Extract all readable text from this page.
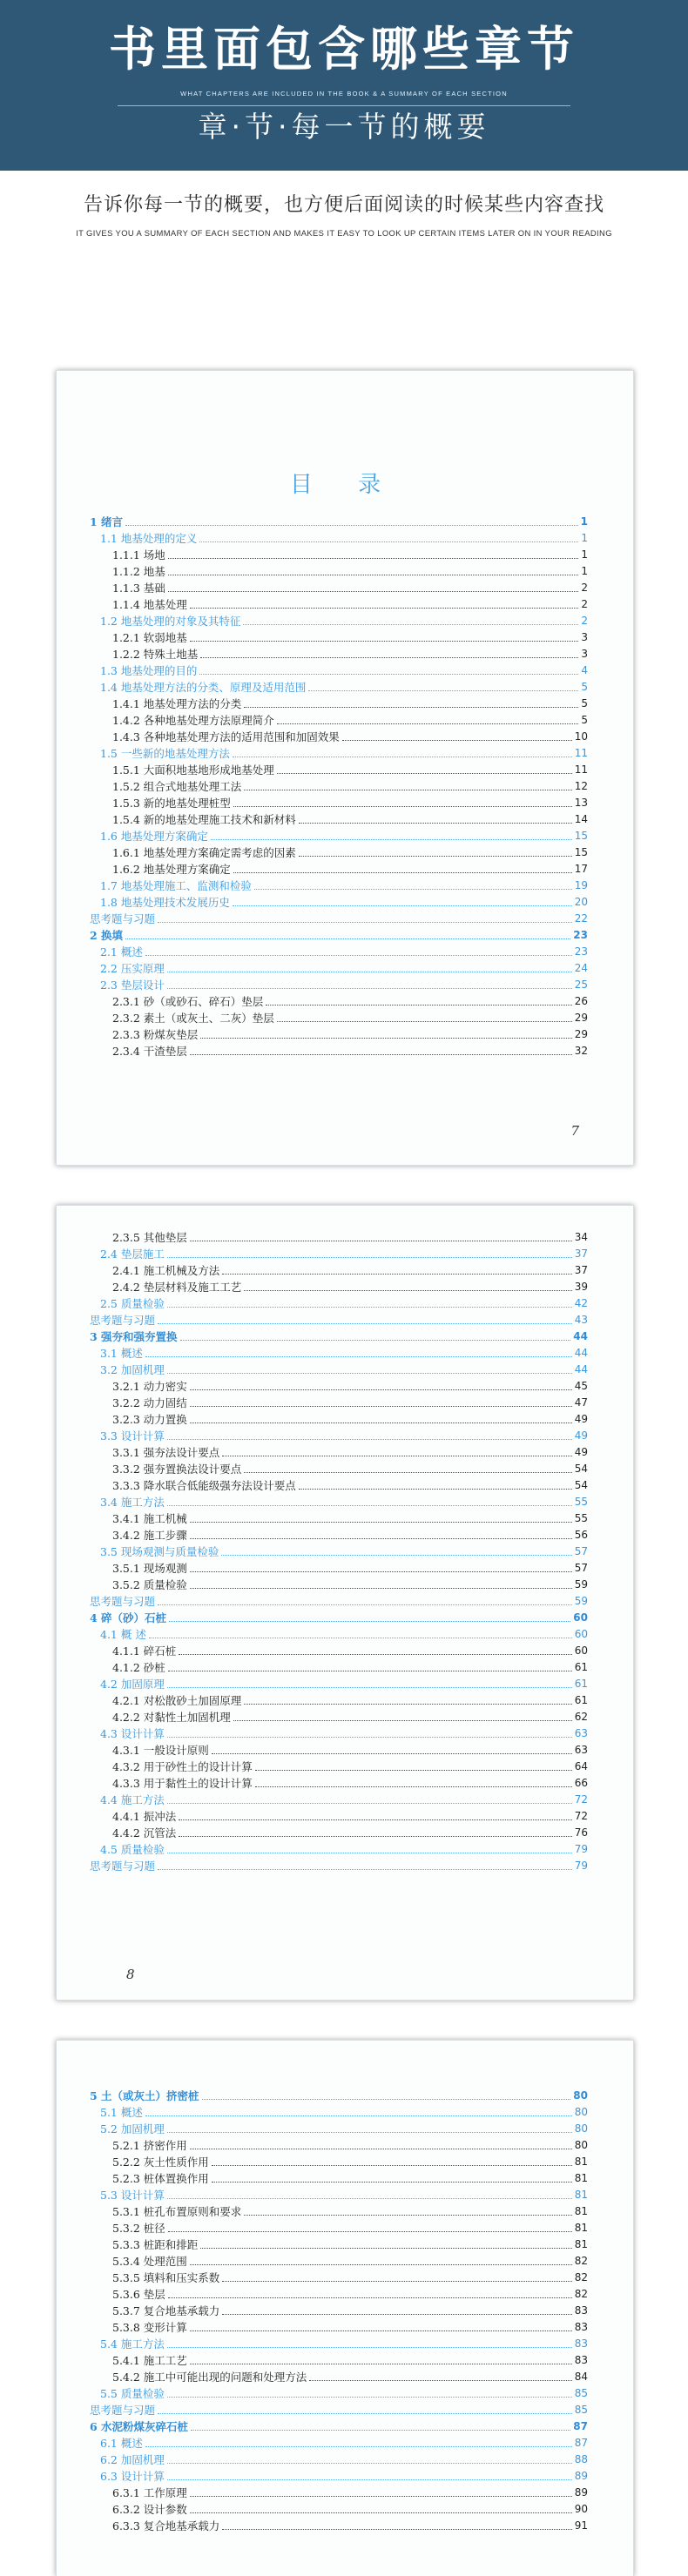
书里面包含哪些章节
WHAT CHAPTERS ARE INCLUDED IN THE BOOK & A SUMMARY OF EACH SECTION
章·节·每一节的概要
告诉你每一节的概要，也方便后面阅读的时候某些内容查找
IT GIVES YOU A SUMMARY OF EACH SECTION AND MAKES IT EASY TO LOOK UP CERTAIN ITEMS LATER ON IN YOUR READING
目 录
1 绪言	1
1.1 地基处理的定义	1
1.1.1 场地	1
1.1.2 地基	1
1.1.3 基础	2
1.1.4 地基处理	2
1.2 地基处理的对象及其特征	2
1.2.1 软弱地基	3
1.2.2 特殊土地基	3
1.3 地基处理的目的	4
1.4 地基处理方法的分类、原理及适用范围	5
1.4.1 地基处理方法的分类	5
1.4.2 各种地基处理方法原理简介	5
1.4.3 各种地基处理方法的适用范围和加固效果	10
1.5 一些新的地基处理方法	11
1.5.1 大面积地基地形成地基处理	11
1.5.2 组合式地基处理工法	12
1.5.3 新的地基处理桩型	13
1.5.4 新的地基处理施工技术和新材料	14
1.6 地基处理方案确定	15
1.6.1 地基处理方案确定需考虑的因素	15
1.6.2 地基处理方案确定	17
1.7 地基处理施工、监测和检验	19
1.8 地基处理技术发展历史	20
思考题与习题	22
2 换填	23
2.1 概述	23
2.2 压实原理	24
2.3 垫层设计	25
2.3.1 砂（或砂石、碎石）垫层	26
2.3.2 素土（或灰土、二灰）垫层	29
2.3.3 粉煤灰垫层	29
2.3.4 干渣垫层	32
7
2.3.5 其他垫层	34
2.4 垫层施工	37
2.4.1 施工机械及方法	37
2.4.2 垫层材料及施工工艺	39
2.5 质量检验	42
思考题与习题	43
3 强夯和强夯置换	44
3.1 概述	44
3.2 加固机理	44
3.2.1 动力密实	45
3.2.2 动力固结	47
3.2.3 动力置换	49
3.3 设计计算	49
3.3.1 强夯法设计要点	49
3.3.2 强夯置换法设计要点	54
3.3.3 降水联合低能级强夯法设计要点	54
3.4 施工方法	55
3.4.1 施工机械	55
3.4.2 施工步骤	56
3.5 现场观测与质量检验	57
3.5.1 现场观测	57
3.5.2 质量检验	59
思考题与习题	59
4 碎（砂）石桩	60
4.1 概 述	60
4.1.1 碎石桩	60
4.1.2 砂桩	61
4.2 加固原理	61
4.2.1 对松散砂土加固原理	61
4.2.2 对黏性土加固机理	62
4.3 设计计算	63
4.3.1 一般设计原则	63
4.3.2 用于砂性土的设计计算	64
4.3.3 用于黏性土的设计计算	66
4.4 施工方法	72
4.4.1 振冲法	72
4.4.2 沉管法	76
4.5 质量检验	79
思考题与习题	79
8
5 土（或灰土）挤密桩	80
5.1 概述	80
5.2 加固机理	80
5.2.1 挤密作用	80
5.2.2 灰土性质作用	81
5.2.3 桩体置换作用	81
5.3 设计计算	81
5.3.1 桩孔布置原则和要求	81
5.3.2 桩径	81
5.3.3 桩距和排距	81
5.3.4 处理范围	82
5.3.5 填料和压实系数	82
5.3.6 垫层	82
5.3.7 复合地基承载力	83
5.3.8 变形计算	83
5.4 施工方法	83
5.4.1 施工工艺	83
5.4.2 施工中可能出现的问题和处理方法	84
5.5 质量检验	85
思考题与习题	85
6 水泥粉煤灰碎石桩	87
6.1 概述	87
6.2 加固机理	88
6.3 设计计算	89
6.3.1 工作原理	89
6.3.2 设计参数	90
6.3.3 复合地基承载力	91
